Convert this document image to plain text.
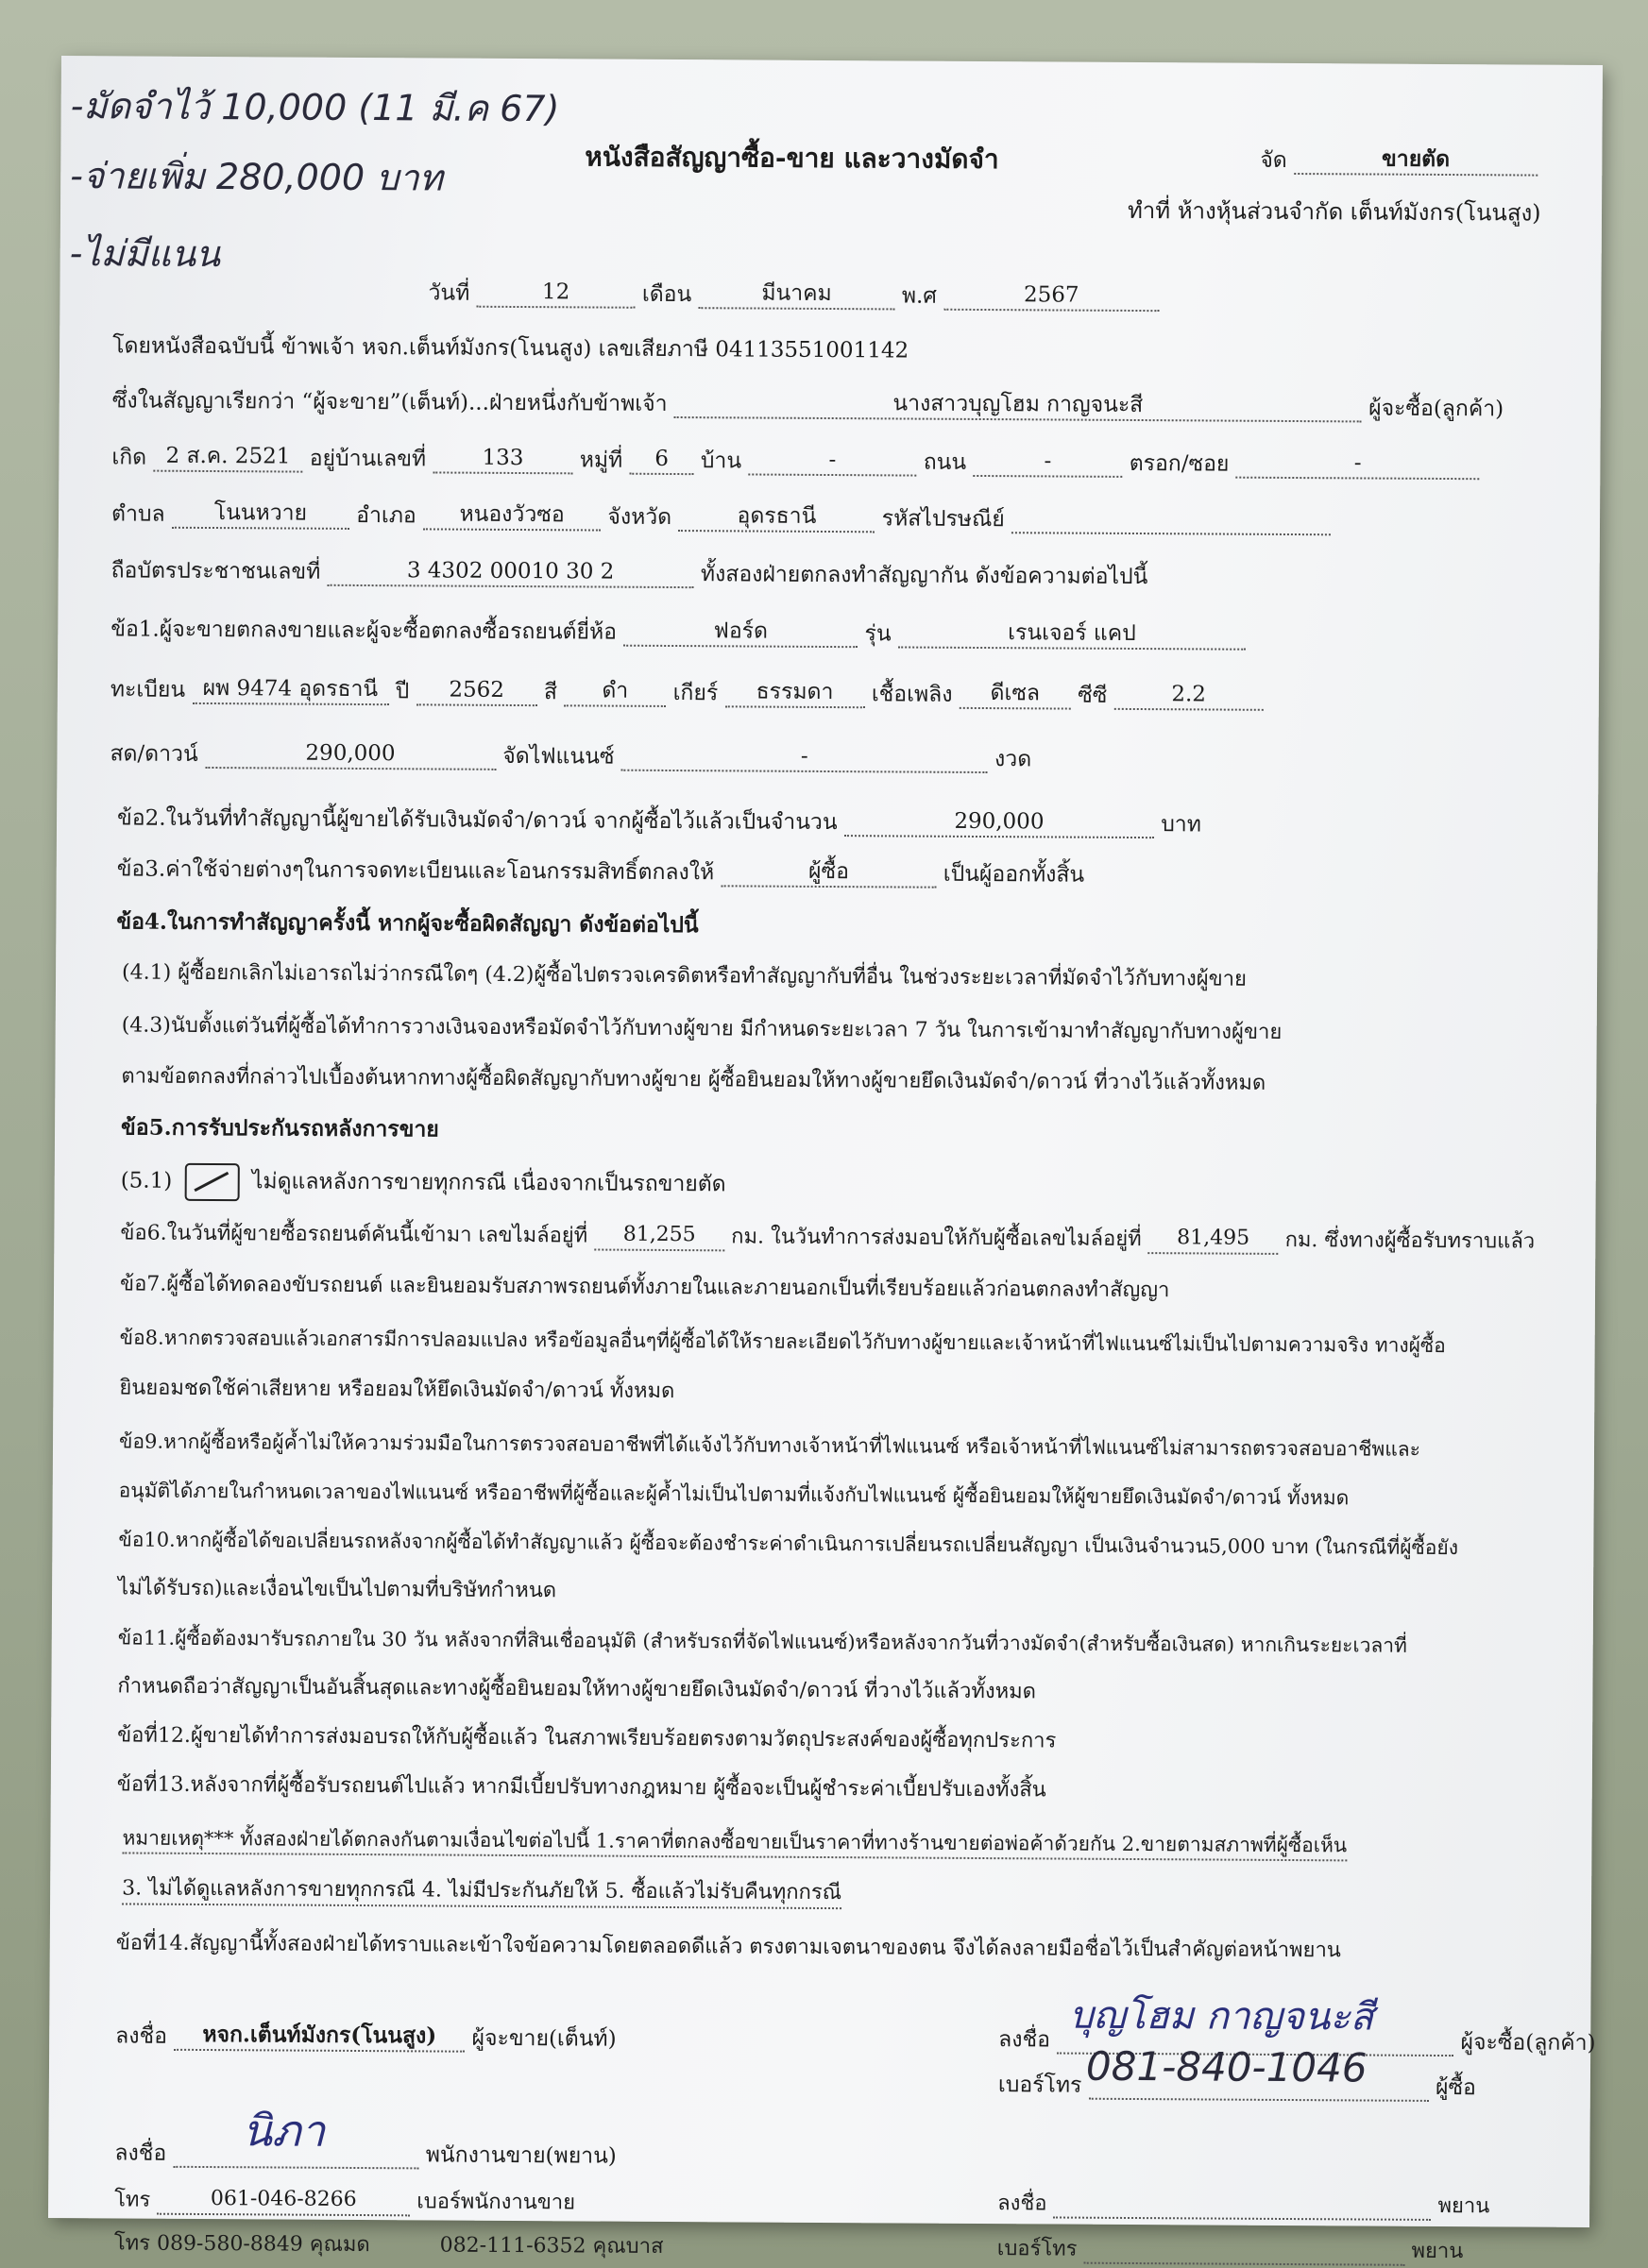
-มัดจำไว้ 10,000 (11 มี.ค 67)
-จ่ายเพิ่ม 280,000 บาท
-ไม่มีแนน
หนังสือสัญญาซื้อ-ขาย และวางมัดจำ	จัด	ขายตัด
ทำที่ ห้างหุ้นส่วนจำกัด เต็นท์มังกร(โนนสูง)
วันที่	12	เดือน	มีนาคม	พ.ศ	2567
โดยหนังสือฉบับนี้ ข้าพเจ้า หจก.เต็นท์มังกร(โนนสูง) เลขเสียภาษี 04113551001142
ซึ่งในสัญญาเรียกว่า “ผู้จะขาย”(เต็นท์)...ฝ่ายหนึ่งกับข้าพเจ้า	นางสาวบุญโฮม กาญจนะสี	ผู้จะซื้อ(ลูกค้า)
เกิด 2 ส.ค. 2521 อยู่บ้านเลขที่	133	หมู่ที่ 6 บ้าน	-	ถนน	-	ตรอก/ซอย	-
ตำบล โนนหวาย อำเภอ หนองวัวซอ จังหวัด	อุดรธานี	รหัสไปรษณีย์
ถือบัตรประชาชนเลขที่	3 4302 00010 30 2	ทั้งสองฝ่ายตกลงทำสัญญากัน ดังข้อความต่อไปนี้
ข้อ1.ผู้จะขายตกลงขายและผู้จะซื้อตกลงซื้อรถยนต์ยี่ห้อ	ฟอร์ด	รุ่น	เรนเจอร์ แคป
ทะเบียน ผพ 9474 อุดรธานี ปี 2562 สี ดำ เกียร์ ธรรมดา เชื้อเพลิง ดีเซล ซีซี	2.2
สด/ดาวน์	290,000	จัดไฟแนนซ์	-	งวด
ข้อ2.ในวันที่ทำสัญญานี้ผู้ขายได้รับเงินมัดจำ/ดาวน์ จากผู้ซื้อไว้แล้วเป็นจำนวน	290,000	บาท
ข้อ3.ค่าใช้จ่ายต่างๆในการจดทะเบียนและโอนกรรมสิทธิ์ตกลงให้	ผู้ซื้อ	เป็นผู้ออกทั้งสิ้น
ข้อ4.ในการทำสัญญาครั้งนี้ หากผู้จะซื้อผิดสัญญา ดังข้อต่อไปนี้
(4.1) ผู้ซื้อยกเลิกไม่เอารถไม่ว่ากรณีใดๆ (4.2)ผู้ซื้อไปตรวจเครดิตหรือทำสัญญากับที่อื่น ในช่วงระยะเวลาที่มัดจำไว้กับทางผู้ขาย
(4.3)นับตั้งแต่วันที่ผู้ซื้อได้ทำการวางเงินจองหรือมัดจำไว้กับทางผู้ขาย มีกำหนดระยะเวลา 7 วัน ในการเข้ามาทำสัญญากับทางผู้ขาย
ตามข้อตกลงที่กล่าวไปเบื้องต้นหากทางผู้ซื้อผิดสัญญากับทางผู้ขาย ผู้ซื้อยินยอมให้ทางผู้ขายยึดเงินมัดจำ/ดาวน์ ที่วางไว้แล้วทั้งหมด
ข้อ5.การรับประกันรถหลังการขาย
(5.1)	ไม่ดูแลหลังการขายทุกกรณี เนื่องจากเป็นรถขายตัด
ข้อ6.ในวันที่ผู้ขายซื้อรถยนต์คันนี้เข้ามา เลขไมล์อยู่ที่ 81,255 กม. ในวันทำการส่งมอบให้กับผู้ซื้อเลขไมล์อยู่ที่ 81,495 กม. ซึ่งทางผู้ซื้อรับทราบแล้ว
ข้อ7.ผู้ซื้อได้ทดลองขับรถยนต์ และยินยอมรับสภาพรถยนต์ทั้งภายในและภายนอกเป็นที่เรียบร้อยแล้วก่อนตกลงทำสัญญา
ข้อ8.หากตรวจสอบแล้วเอกสารมีการปลอมแปลง หรือข้อมูลอื่นๆที่ผู้ซื้อได้ให้รายละเอียดไว้กับทางผู้ขายและเจ้าหน้าที่ไฟแนนซ์ไม่เป็นไปตามความจริง ทางผู้ซื้อ
ยินยอมชดใช้ค่าเสียหาย หรือยอมให้ยึดเงินมัดจำ/ดาวน์ ทั้งหมด
ข้อ9.หากผู้ซื้อหรือผู้ค้ำไม่ให้ความร่วมมือในการตรวจสอบอาชีพที่ได้แจ้งไว้กับทางเจ้าหน้าที่ไฟแนนซ์ หรือเจ้าหน้าที่ไฟแนนซ์ไม่สามารถตรวจสอบอาชีพและ
อนุมัติได้ภายในกำหนดเวลาของไฟแนนซ์ หรืออาชีพที่ผู้ซื้อและผู้ค้ำไม่เป็นไปตามที่แจ้งกับไฟแนนซ์ ผู้ซื้อยินยอมให้ผู้ขายยึดเงินมัดจำ/ดาวน์ ทั้งหมด
ข้อ10.หากผู้ซื้อได้ขอเปลี่ยนรถหลังจากผู้ซื้อได้ทำสัญญาแล้ว ผู้ซื้อจะต้องชำระค่าดำเนินการเปลี่ยนรถเปลี่ยนสัญญา เป็นเงินจำนวน5,000 บาท (ในกรณีที่ผู้ซื้อยัง
ไม่ได้รับรถ)และเงื่อนไขเป็นไปตามที่บริษัทกำหนด
ข้อ11.ผู้ซื้อต้องมารับรถภายใน 30 วัน หลังจากที่สินเชื่ออนุมัติ (สำหรับรถที่จัดไฟแนนซ์)หรือหลังจากวันที่วางมัดจำ(สำหรับซื้อเงินสด) หากเกินระยะเวลาที่
กำหนดถือว่าสัญญาเป็นอันสิ้นสุดและทางผู้ซื้อยินยอมให้ทางผู้ขายยึดเงินมัดจำ/ดาวน์ ที่วางไว้แล้วทั้งหมด
ข้อที่12.ผู้ขายได้ทำการส่งมอบรถให้กับผู้ซื้อแล้ว ในสภาพเรียบร้อยตรงตามวัตถุประสงค์ของผู้ซื้อทุกประการ
ข้อที่13.หลังจากที่ผู้ซื้อรับรถยนต์ไปแล้ว หากมีเบี้ยปรับทางกฎหมาย ผู้ซื้อจะเป็นผู้ชำระค่าเบี้ยปรับเองทั้งสิ้น
หมายเหตุ*** ทั้งสองฝ่ายได้ตกลงกันตามเงื่อนไขต่อไปนี้ 1.ราคาที่ตกลงซื้อขายเป็นราคาที่ทางร้านขายต่อพ่อค้าด้วยกัน 2.ขายตามสภาพที่ผู้ซื้อเห็น
3. ไม่ได้ดูแลหลังการขายทุกกรณี 4. ไม่มีประกันภัยให้ 5. ซื้อแล้วไม่รับคืนทุกกรณี
ข้อที่14.สัญญานี้ทั้งสองฝ่ายได้ทราบและเข้าใจข้อความโดยตลอดดีแล้ว ตรงตามเจตนาของตน จึงได้ลงลายมือชื่อไว้เป็นสำคัญต่อหน้าพยาน
ลงชื่อ หจก.เต็นท์มังกร(โนนสูง) ผู้จะขาย(เต็นท์)	ลงชื่อ	ผู้จะซื้อ(ลูกค้า)
บุญโฮม กาญจนะสี
เบอร์โทร	ผู้ซื้อ
081-840-1046
นิภา
ลงชื่อ	พนักงานขาย(พยาน)
โทร	061-046-8266	เบอร์พนักงานขาย	ลงชื่อ	พยาน
โทร 089-580-8849 คุณมด	082-111-6352 คุณบาส	เบอร์โทร	พยาน
